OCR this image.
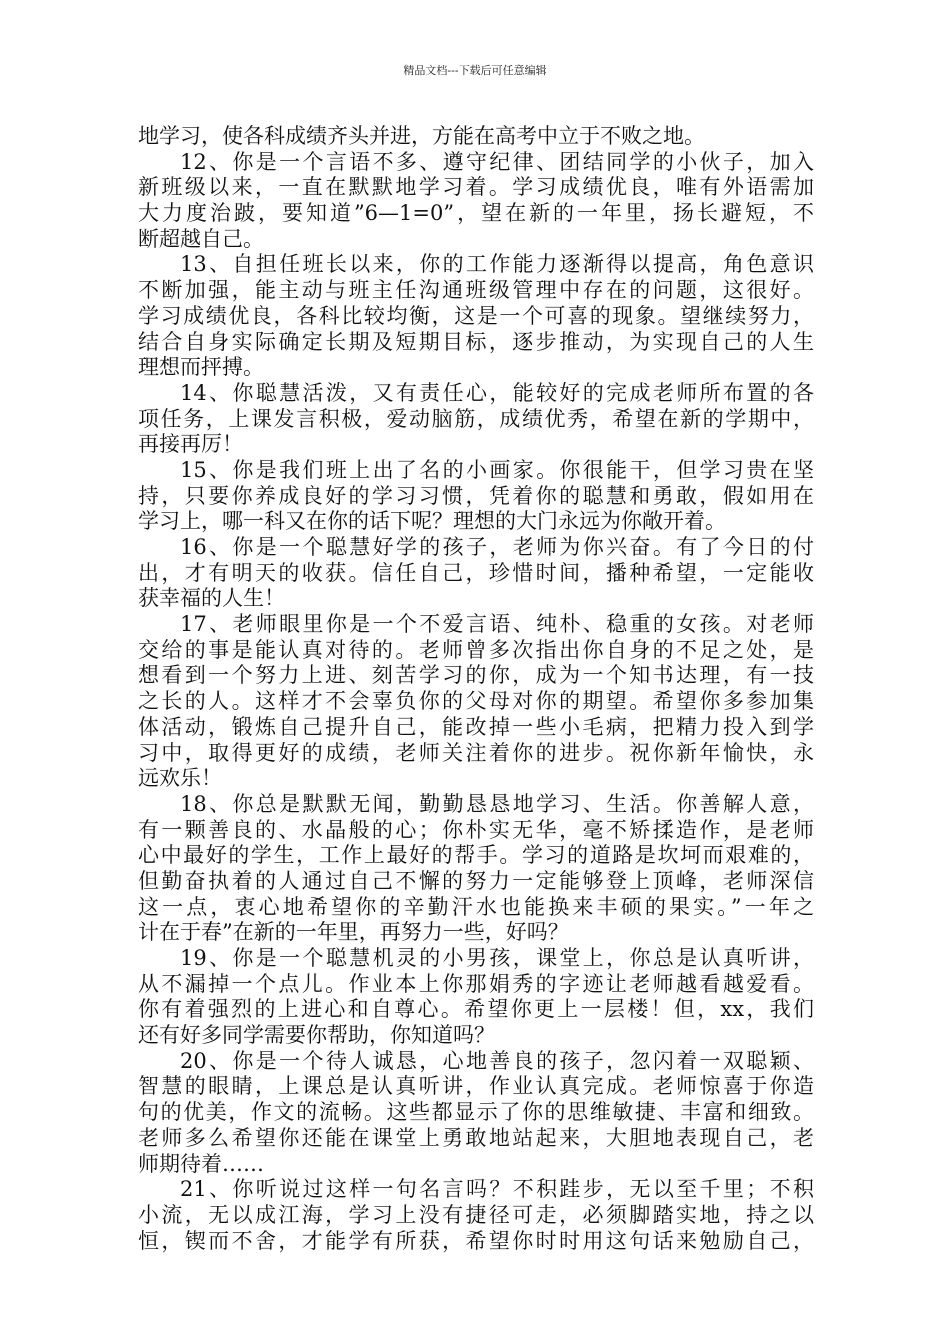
精品文档---下载后可任意编辑
地学习，使各科成绩齐头并进，方能在高考中立于不败之地。
12、你是一个言语不多、遵守纪律、团结同学的小伙子，加入
新班级以来，一直在默默地学习着。学习成绩优良，唯有外语需加
大力度治跛，要知道”6—1=0”，望在新的一年里，扬长避短，不
断超越自己。
13、自担任班长以来，你的工作能力逐渐得以提高，角色意识
不断加强，能主动与班主任沟通班级管理中存在的问题，这很好。
学习成绩优良，各科比较均衡，这是一个可喜的现象。望继续努力，
结合自身实际确定长期及短期目标，逐步推动，为实现自己的人生
理想而抨搏。
14、你聪慧活泼，又有责任心，能较好的完成老师所布置的各
项任务，上课发言积极，爱动脑筋，成绩优秀，希望在新的学期中，
再接再厉！
15、你是我们班上出了名的小画家。你很能干，但学习贵在坚
持，只要你养成良好的学习习惯，凭着你的聪慧和勇敢，假如用在
学习上，哪一科又在你的话下呢？理想的大门永远为你敞开着。
16、你是一个聪慧好学的孩子，老师为你兴奋。有了今日的付
出，才有明天的收获。信任自己，珍惜时间，播种希望，一定能收
获幸福的人生！
17、老师眼里你是一个不爱言语、纯朴、稳重的女孩。对老师
交给的事是能认真对待的。老师曾多次指出你自身的不足之处，是
想看到一个努力上进、刻苦学习的你，成为一个知书达理，有一技
之长的人。这样才不会辜负你的父母对你的期望。希望你多参加集
体活动，锻炼自己提升自己，能改掉一些小毛病，把精力投入到学
习中，取得更好的成绩，老师关注着你的进步。祝你新年愉快，永
远欢乐！
18、你总是默默无闻，勤勤恳恳地学习、生活。你善解人意，
有一颗善良的、水晶般的心；你朴实无华，毫不矫揉造作，是老师
心中最好的学生，工作上最好的帮手。学习的道路是坎坷而艰难的，
但勤奋执着的人通过自己不懈的努力一定能够登上顶峰，老师深信
这一点，衷心地希望你的辛勤汗水也能换来丰硕的果实。”一年之
计在于春”在新的一年里，再努力一些，好吗？
19、你是一个聪慧机灵的小男孩，课堂上，你总是认真听讲，
从不漏掉一个点儿。作业本上你那娟秀的字迹让老师越看越爱看。
你有着强烈的上进心和自尊心。希望你更上一层楼！但，xx，我们
还有好多同学需要你帮助，你知道吗？
20、你是一个待人诚恳，心地善良的孩子，忽闪着一双聪颖、
智慧的眼睛，上课总是认真听讲，作业认真完成。老师惊喜于你造
句的优美，作文的流畅。这些都显示了你的思维敏捷、丰富和细致。
老师多么希望你还能在课堂上勇敢地站起来，大胆地表现自己，老
师期待着……
21、你听说过这样一句名言吗？不积跬步，无以至千里；不积
小流，无以成江海，学习上没有捷径可走，必须脚踏实地，持之以
恒，锲而不舍，才能学有所获，希望你时时用这句话来勉励自己，
